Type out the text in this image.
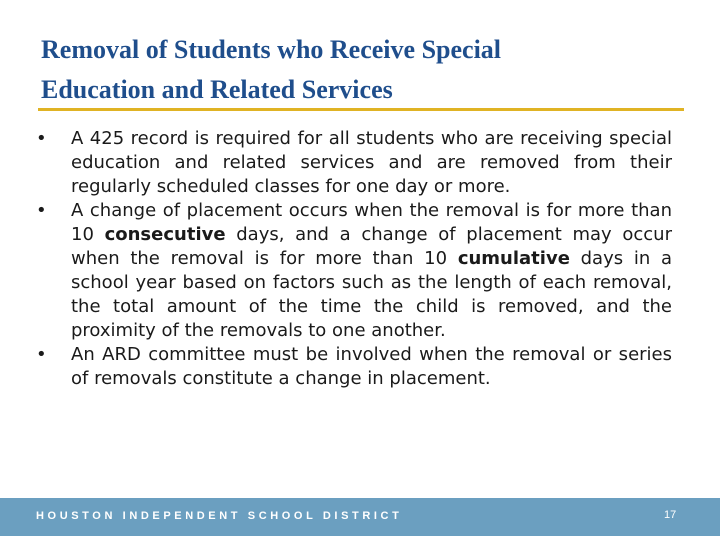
Removal of Students who Receive Special
Education and Related Services
• A 425 record is required for all students who are receiving special education and related services and are removed from their regularly scheduled classes for one day or more.
• A change of placement occurs when the removal is for more than 10 consecutive days, and a change of placement may occur when the removal is for more than 10 cumulative days in a school year based on factors such as the length of each removal, the total amount of the time the child is removed, and the proximity of the removals to one another.
• An ARD committee must be involved when the removal or series of removals constitute a change in placement.
HOUSTON INDEPENDENT SCHOOL DISTRICT	17
